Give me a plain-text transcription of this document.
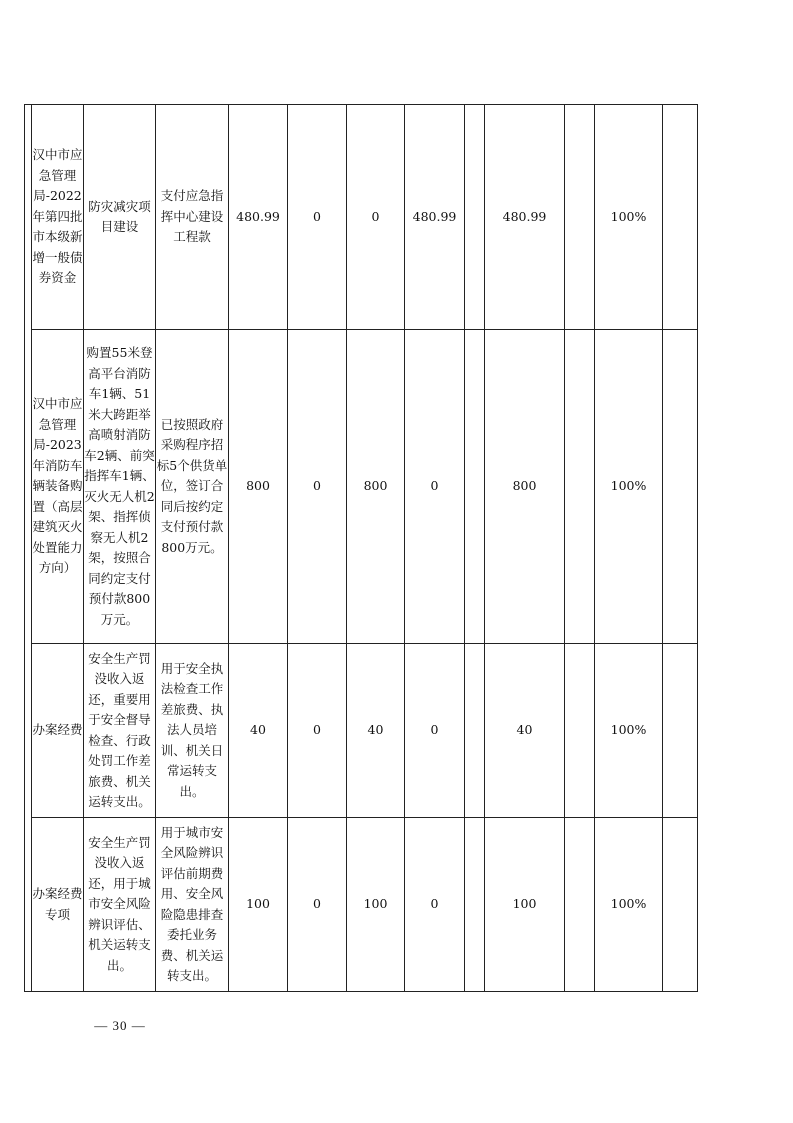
	汉中市应急管理局-2022年第四批市本级新增一般债券资金	防灾减灾项目建设	支付应急指挥中心建设工程款	480.99	0	0	480.99		480.99		100%	
	汉中市应急管理局-2023年消防车辆装备购置（高层建筑灭火处置能力方向）	购置55米登高平台消防车1辆、51米大跨距举高喷射消防车2辆、前突指挥车1辆、灭火无人机2架、指挥侦察无人机2架，按照合同约定支付预付款800万元。	已按照政府采购程序招标5个供货单位，签订合同后按约定支付预付款800万元。	800	0	800	0		800		100%	
	办案经费	安全生产罚没收入返还，重要用于安全督导检查、行政处罚工作差旅费、机关运转支出。	用于安全执法检查工作差旅费、执法人员培训、机关日常运转支出。	40	0	40	0		40		100%	
	办案经费专项	安全生产罚没收入返还，用于城市安全风险辨识评估、机关运转支出。	用于城市安全风险辨识评估前期费用、安全风险隐患排查委托业务费、机关运转支出。	100	0	100	0		100		100%	
— 30 —
